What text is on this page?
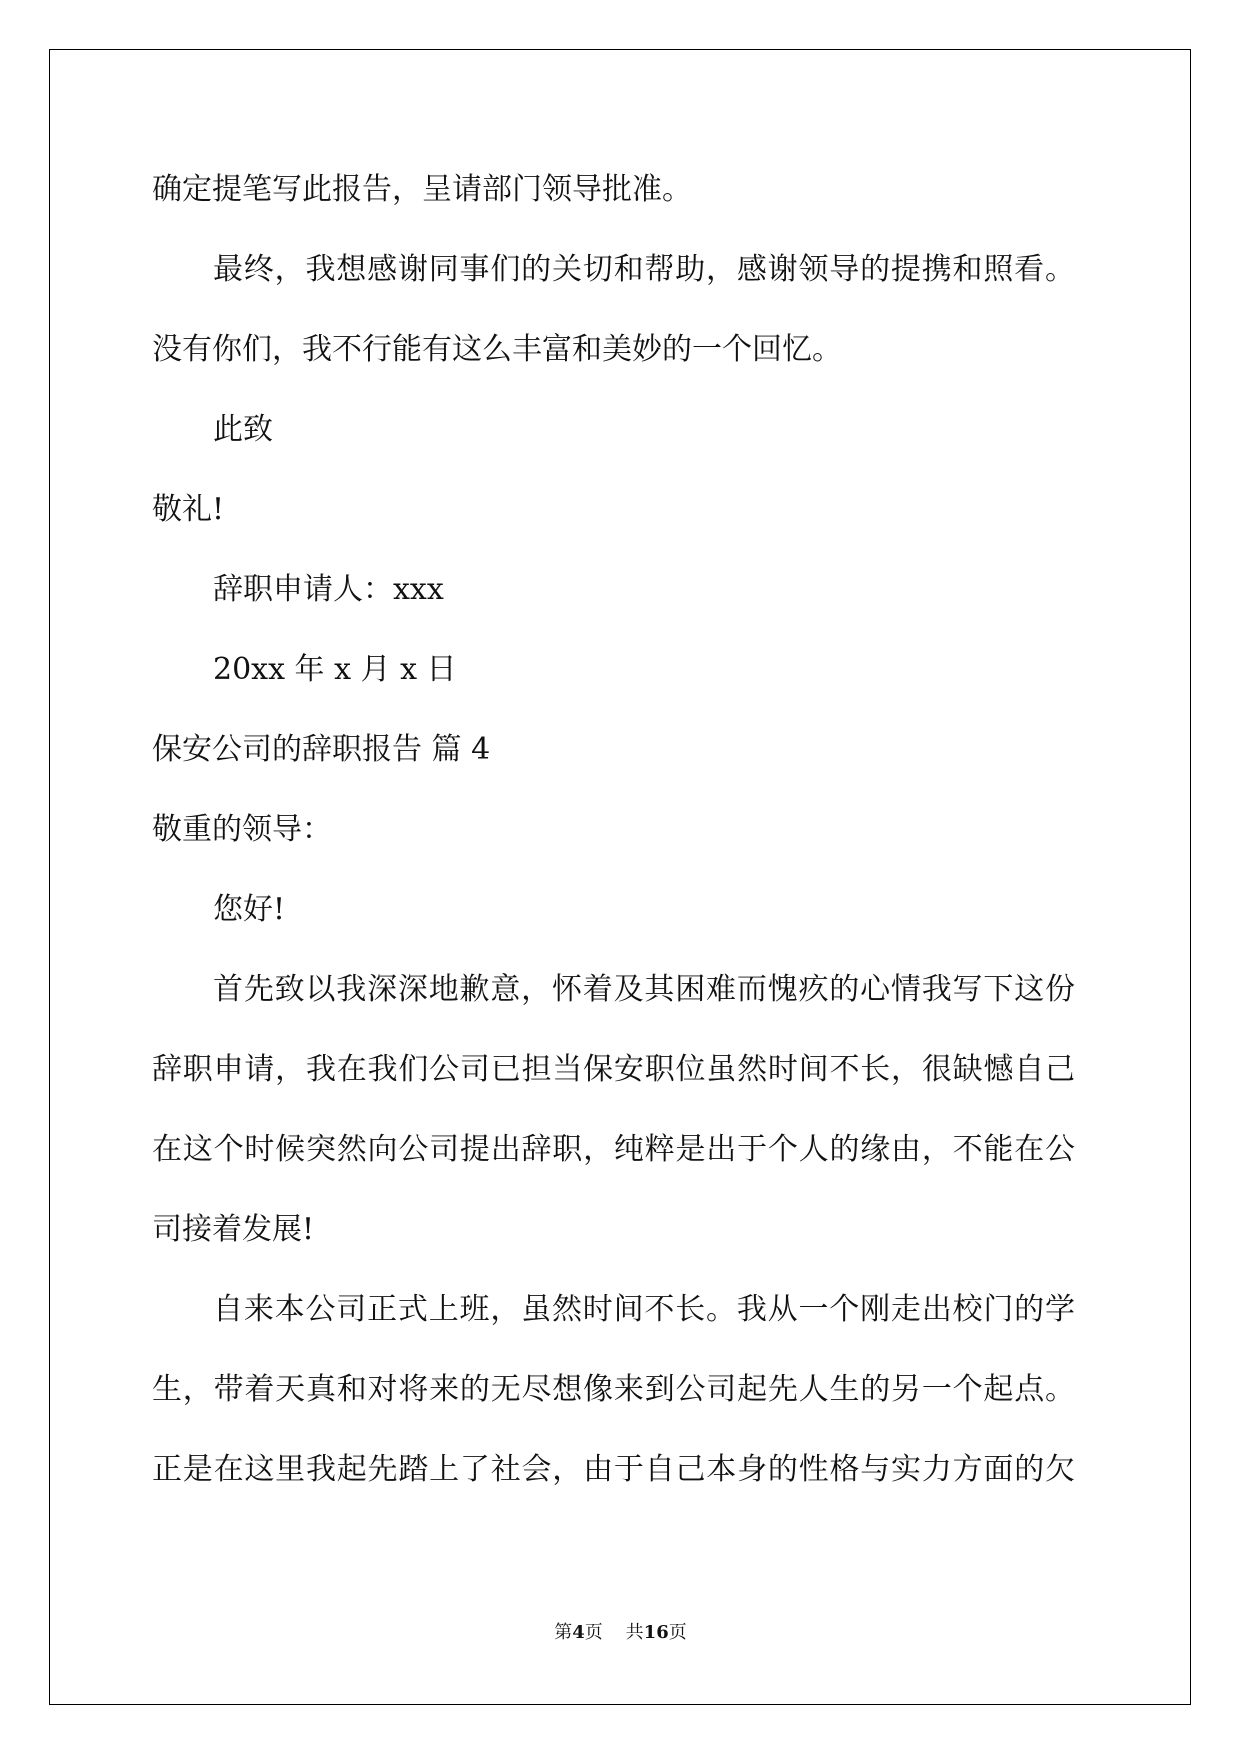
确定提笔写此报告，呈请部门领导批准。
最终，我想感谢同事们的关切和帮助，感谢领导的提携和照看。
没有你们，我不行能有这么丰富和美妙的一个回忆。
此致
敬礼!
辞职申请人：xxx
20xx 年 x 月 x 日
保安公司的辞职报告 篇 4
敬重的领导：
您好!
首先致以我深深地歉意，怀着及其困难而愧疚的心情我写下这份
辞职申请，我在我们公司已担当保安职位虽然时间不长，很缺憾自己
在这个时候突然向公司提出辞职，纯粹是出于个人的缘由，不能在公
司接着发展!
自来本公司正式上班，虽然时间不长。我从一个刚走出校门的学
生，带着天真和对将来的无尽想像来到公司起先人生的另一个起点。
正是在这里我起先踏上了社会，由于自己本身的性格与实力方面的欠
第4页    共16页
